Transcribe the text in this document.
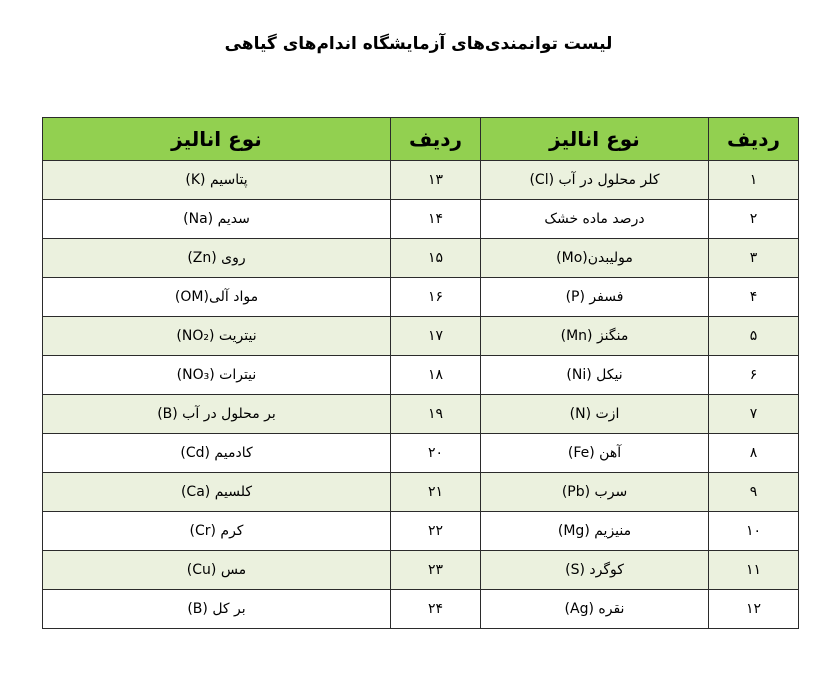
لیست توانمندی‌های آزمایشگاه اندام‌های گیاهی
ردیف	نوع انالیز	ردیف	نوع انالیز
۱	کلر محلول در آب (Cl)	۱۳	پتاسیم (K)
۲	درصد ماده خشک	۱۴	سدیم (Na)
۳	مولیبدن(Mo)	۱۵	روی (Zn)
۴	فسفر (P)	۱۶	مواد آلی(OM)
۵	منگنز (Mn)	۱۷	نیتریت (NO₂)
۶	نیکل (Ni)	۱۸	نیترات (NO₃)
۷	ازت (N)	۱۹	بر محلول در آب (B)
۸	آهن (Fe)	۲۰	کادمیم (Cd)
۹	سرب (Pb)	۲۱	کلسیم (Ca)
۱۰	منیزیم (Mg)	۲۲	کرم (Cr)
۱۱	کوگرد (S)	۲۳	مس (Cu)
۱۲	نقره (Ag)	۲۴	بر کل (B)
